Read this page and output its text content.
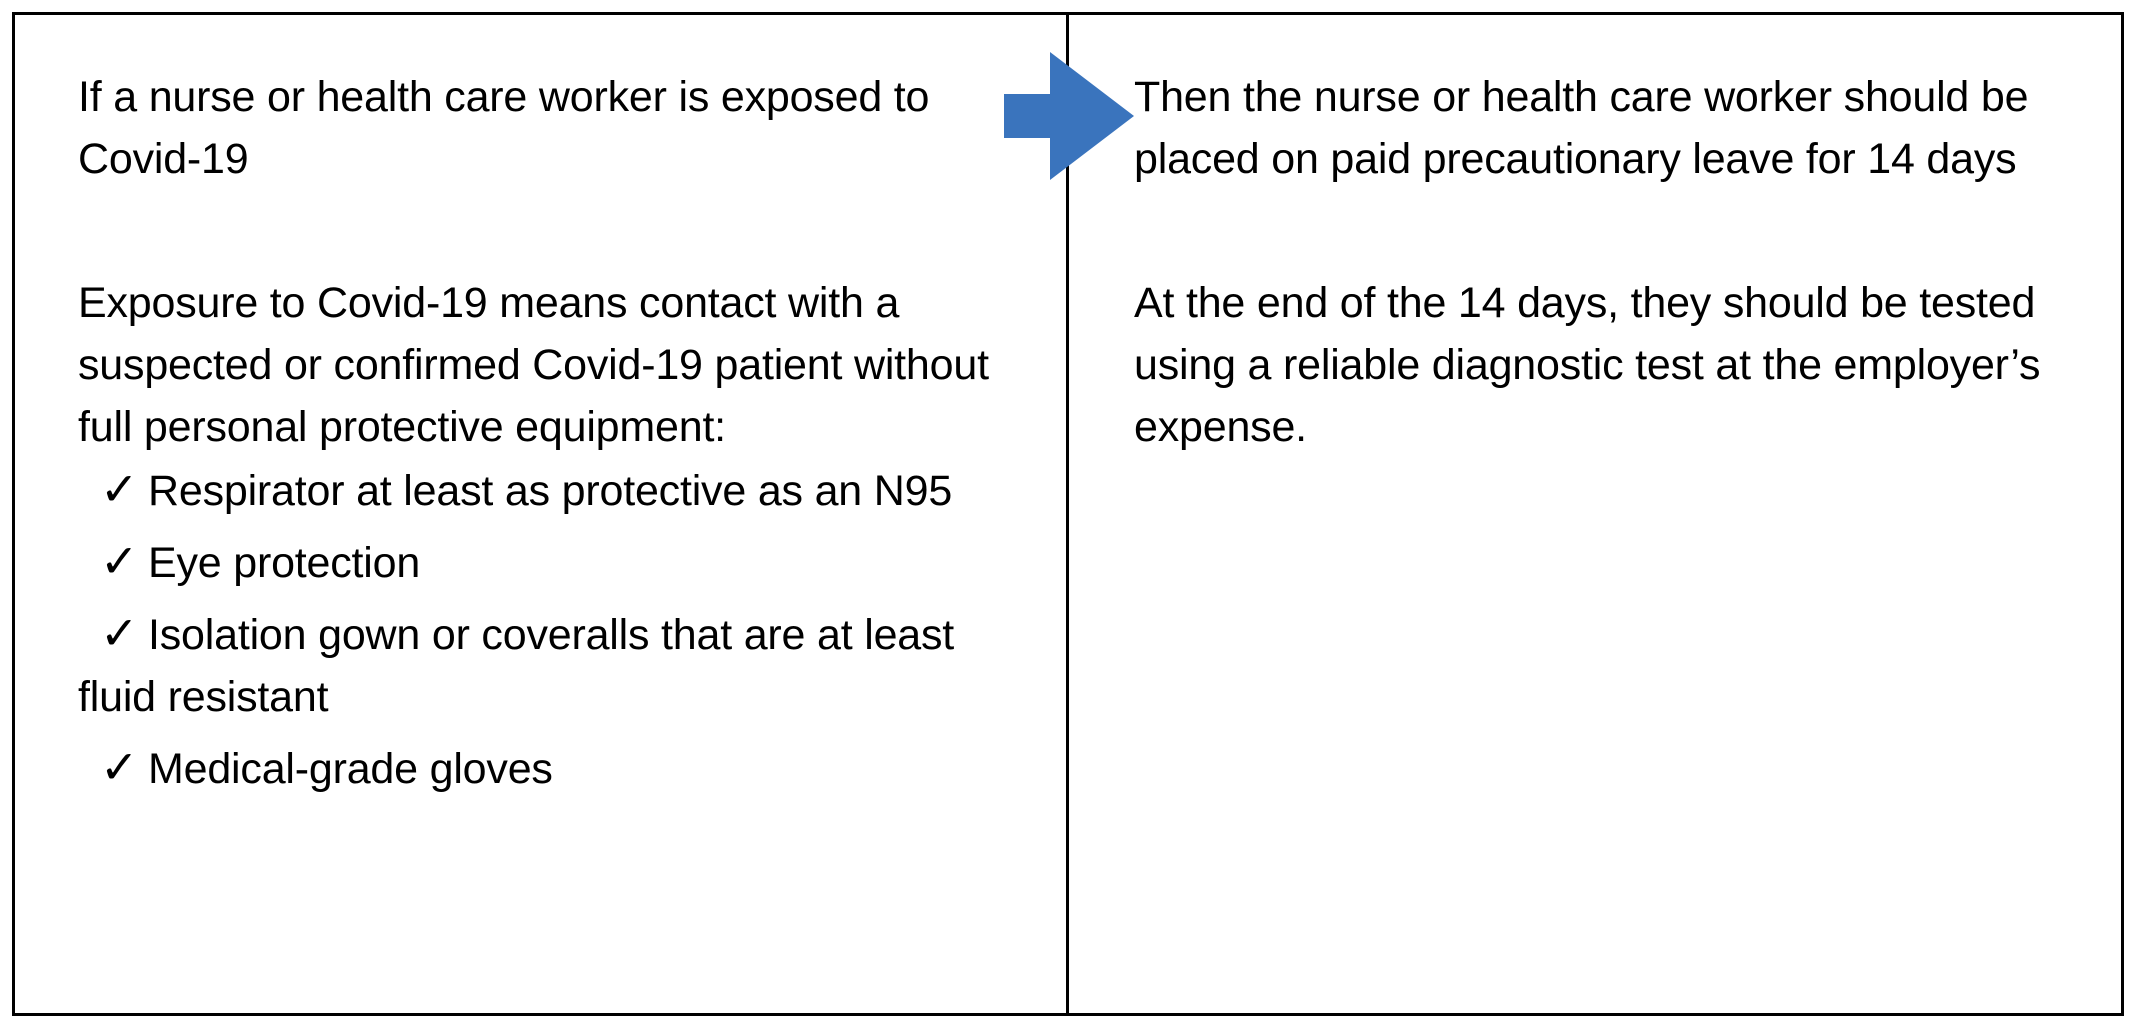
If a nurse or health care worker is exposed to Covid-19

Exposure to Covid-19 means contact with a suspected or confirmed Covid-19 patient without full personal protective equipment:

✓ Respirator at least as protective as an N95
✓ Eye protection
✓ Isolation gown or coveralls that are at least fluid resistant
✓ Medical-grade gloves

Then the nurse or health care worker should be placed on paid precautionary leave for 14 days

At the end of the 14 days, they should be tested using a reliable diagnostic test at the employer’s expense.
